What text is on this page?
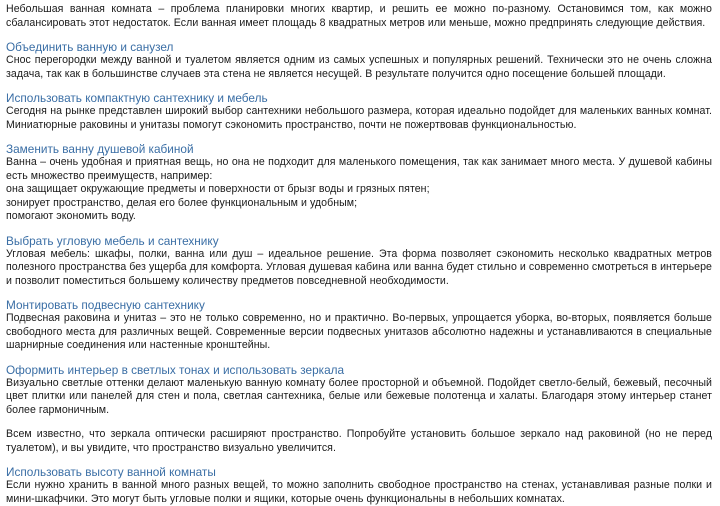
Небольшая ванная комната – проблема планировки многих квартир, и решить ее можно по-разному. Остановимся том, как можно сбалансировать этот недостаток. Если ванная имеет площадь 8 квадратных метров или меньше, можно предпринять следующие действия.

Объединить ванную и санузел

Снос перегородки между ванной и туалетом является одним из самых успешных и популярных решений. Технически это не очень сложна задача, так как в большинстве случаев эта стена не является несущей. В результате получится одно посещение большей площади.

Использовать компактную сантехнику и мебель

Сегодня на рынке представлен широкий выбор сантехники небольшого размера, которая идеально подойдет для маленьких ванных комнат. Миниатюрные раковины и унитазы помогут сэкономить пространство, почти не пожертвовав функциональностью.

Заменить ванну душевой кабиной

Ванна – очень удобная и приятная вещь, но она не подходит для маленького помещения, так как занимает много места. У душевой кабины есть множество преимуществ, например:

она защищает окружающие предметы и поверхности от брызг воды и грязных пятен;

зонирует пространство, делая его более функциональным и удобным;

помогают экономить воду.

Выбрать угловую мебель и сантехнику

Угловая мебель: шкафы, полки, ванна или душ – идеальное решение. Эта форма позволяет сэкономить несколько квадратных метров полезного пространства без ущерба для комфорта. Угловая душевая кабина или ванна будет стильно и современно смотреться в интерьере и позволит поместиться большему количеству предметов повседневной необходимости.

Монтировать подвесную сантехнику

Подвесная раковина и унитаз – это не только современно, но и практично. Во-первых, упрощается уборка, во-вторых, появляется больше свободного места для различных вещей. Современные версии подвесных унитазов абсолютно надежны и устанавливаются в специальные шарнирные соединения или настенные кронштейны.

Оформить интерьер в светлых тонах и использовать зеркала

Визуально светлые оттенки делают маленькую ванную комнату более просторной и объемной. Подойдет светло-белый, бежевый, песочный цвет плитки или панелей для стен и пола, светлая сантехника, белые или бежевые полотенца и халаты. Благодаря этому интерьер станет более гармоничным.

Всем известно, что зеркала оптически расширяют пространство. Попробуйте установить большое зеркало над раковиной (но не перед туалетом), и вы увидите, что пространство визуально увеличится.

Использовать высоту ванной комнаты

Если нужно хранить в ванной много разных вещей, то можно заполнить свободное пространство на стенах, устанавливая разные полки и мини-шкафчики. Это могут быть угловые полки и ящики, которые очень функциональны в небольших комнатах.
